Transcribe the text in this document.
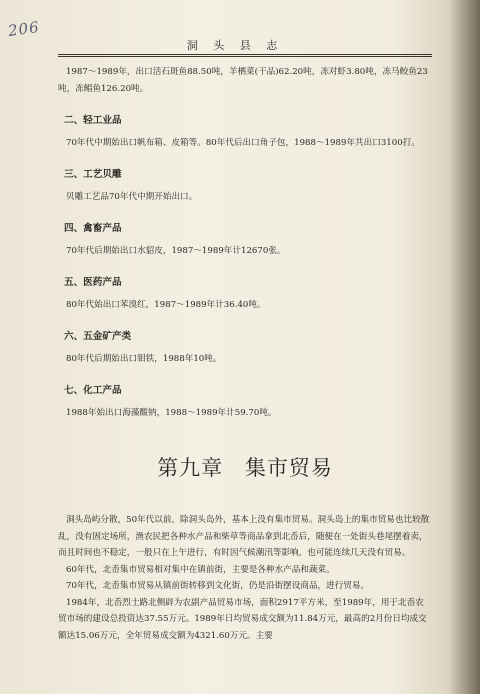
206
洞 头 县 志

1987～1989年，出口活石斑鱼88.50吨，羊栖菜(干品)62.20吨，冻对虾3.80吨，冻马鲛鱼23吨，冻鲳鱼126.20吨。

二、轻工业品

70年代中期始出口帆布箱、皮箱等。80年代后出口角子包，1988～1989年共出口3100打。

三、工艺贝雕

贝雕工艺品70年代中期开始出口。

四、禽畜产品

70年代后期始出口水貂皮，1987～1989年计12670张。

五、医药产品

80年代始出口苯溴红，1987～1989年计36.40吨。

六、五金矿产类

80年代后期始出口钼铁，1988年10吨。

七、化工产品

1988年始出口海藻酸钠，1988～1989年计59.70吨。

第九章 集市贸易

洞头岛屿分散，50年代以前，除洞头岛外，基本上没有集市贸易。洞头岛上的集市贸易也比较散乱，没有固定场所，渔农民把各种水产品和柴草等商品拿到北岙后，随便在一处街头巷尾摆着卖，而且时间也不稳定，一般只在上午进行，有时因气候潮汛等影响，也可能连续几天没有贸易。

60年代，北岙集市贸易相对集中在镇前街，主要是各种水产品和蔬菜。

70年代，北岙集市贸易从镇前街转移到文化街，仍是沿街摆设商品，进行贸易。

1984年，北岙烈士路北侧辟为农副产品贸易市场，面积2917平方米，至1989年，用于北岙农贸市场的建设总投资达37.55万元。1989年日均贸易成交额为11.84万元，最高的2月份日均成交额达15.06万元，全年贸易成交额为4321.60万元。主要
